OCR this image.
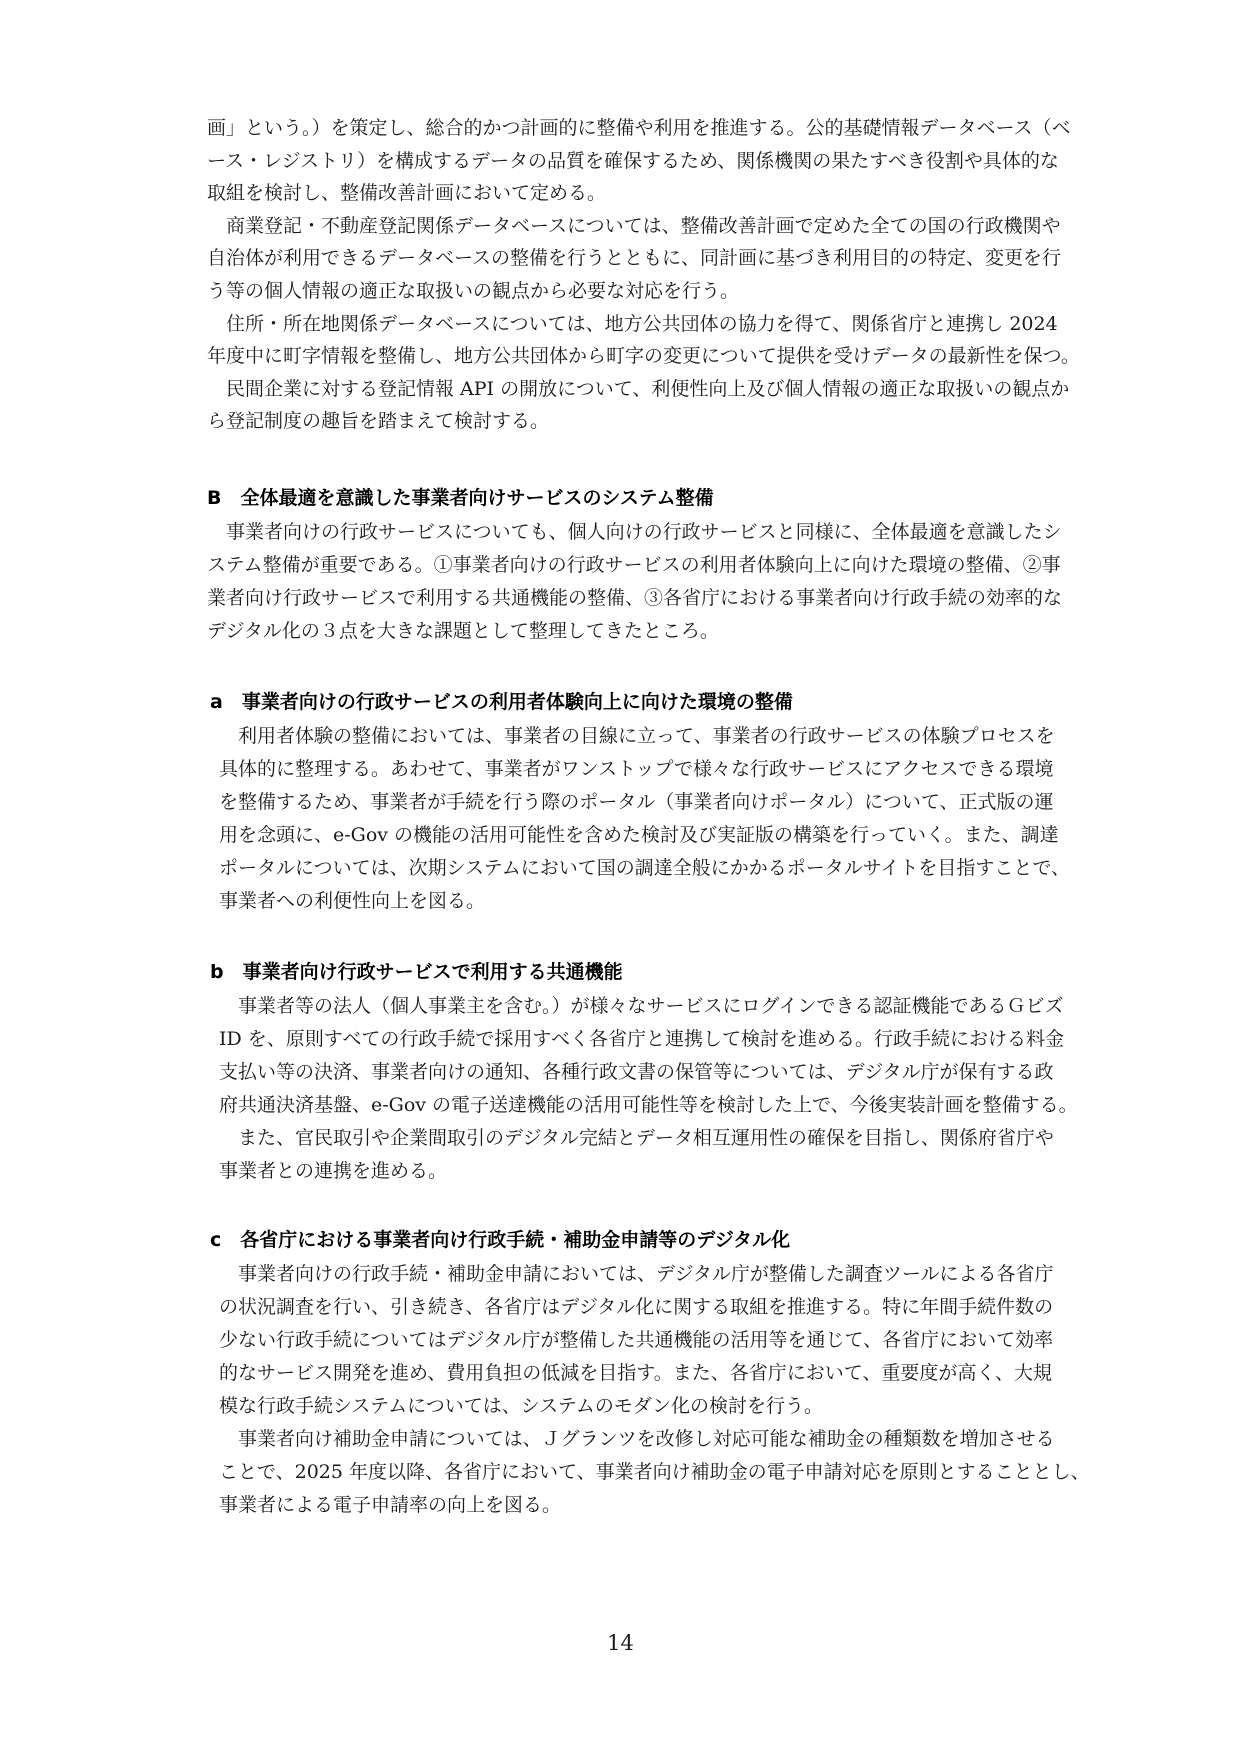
画」という。）を策定し、総合的かつ計画的に整備や利用を推進する。公的基礎情報データベース（ベ
ース・レジストリ）を構成するデータの品質を確保するため、関係機関の果たすべき役割や具体的な
取組を検討し、整備改善計画において定める。
　商業登記・不動産登記関係データベースについては、整備改善計画で定めた全ての国の行政機関や
自治体が利用できるデータベースの整備を行うとともに、同計画に基づき利用目的の特定、変更を行
う等の個人情報の適正な取扱いの観点から必要な対応を行う。
　住所・所在地関係データベースについては、地方公共団体の協力を得て、関係省庁と連携し 2024
年度中に町字情報を整備し、地方公共団体から町字の変更について提供を受けデータの最新性を保つ。
　民間企業に対する登記情報 API の開放について、利便性向上及び個人情報の適正な取扱いの観点か
ら登記制度の趣旨を踏まえて検討する。
B　全体最適を意識した事業者向けサービスのシステム整備
　事業者向けの行政サービスについても、個人向けの行政サービスと同様に、全体最適を意識したシ
ステム整備が重要である。①事業者向けの行政サービスの利用者体験向上に向けた環境の整備、②事
業者向け行政サービスで利用する共通機能の整備、③各省庁における事業者向け行政手続の効率的な
デジタル化の３点を大きな課題として整理してきたところ。
a　事業者向けの行政サービスの利用者体験向上に向けた環境の整備
　利用者体験の整備においては、事業者の目線に立って、事業者の行政サービスの体験プロセスを
具体的に整理する。あわせて、事業者がワンストップで様々な行政サービスにアクセスできる環境
を整備するため、事業者が手続を行う際のポータル（事業者向けポータル）について、正式版の運
用を念頭に、e-Gov の機能の活用可能性を含めた検討及び実証版の構築を行っていく。また、調達
ポータルについては、次期システムにおいて国の調達全般にかかるポータルサイトを目指すことで、
事業者への利便性向上を図る。
b　事業者向け行政サービスで利用する共通機能
　事業者等の法人（個人事業主を含む。）が様々なサービスにログインできる認証機能であるＧビズ
ID を、原則すべての行政手続で採用すべく各省庁と連携して検討を進める。行政手続における料金
支払い等の決済、事業者向けの通知、各種行政文書の保管等については、デジタル庁が保有する政
府共通決済基盤、e-Gov の電子送達機能の活用可能性等を検討した上で、今後実装計画を整備する。
　また、官民取引や企業間取引のデジタル完結とデータ相互運用性の確保を目指し、関係府省庁や
事業者との連携を進める。
c　各省庁における事業者向け行政手続・補助金申請等のデジタル化
　事業者向けの行政手続・補助金申請においては、デジタル庁が整備した調査ツールによる各省庁
の状況調査を行い、引き続き、各省庁はデジタル化に関する取組を推進する。特に年間手続件数の
少ない行政手続についてはデジタル庁が整備した共通機能の活用等を通じて、各省庁において効率
的なサービス開発を進め、費用負担の低減を目指す。また、各省庁において、重要度が高く、大規
模な行政手続システムについては、システムのモダン化の検討を行う。
　事業者向け補助金申請については、Ｊグランツを改修し対応可能な補助金の種類数を増加させる
ことで、2025 年度以降、各省庁において、事業者向け補助金の電子申請対応を原則とすることとし、
事業者による電子申請率の向上を図る。
14
